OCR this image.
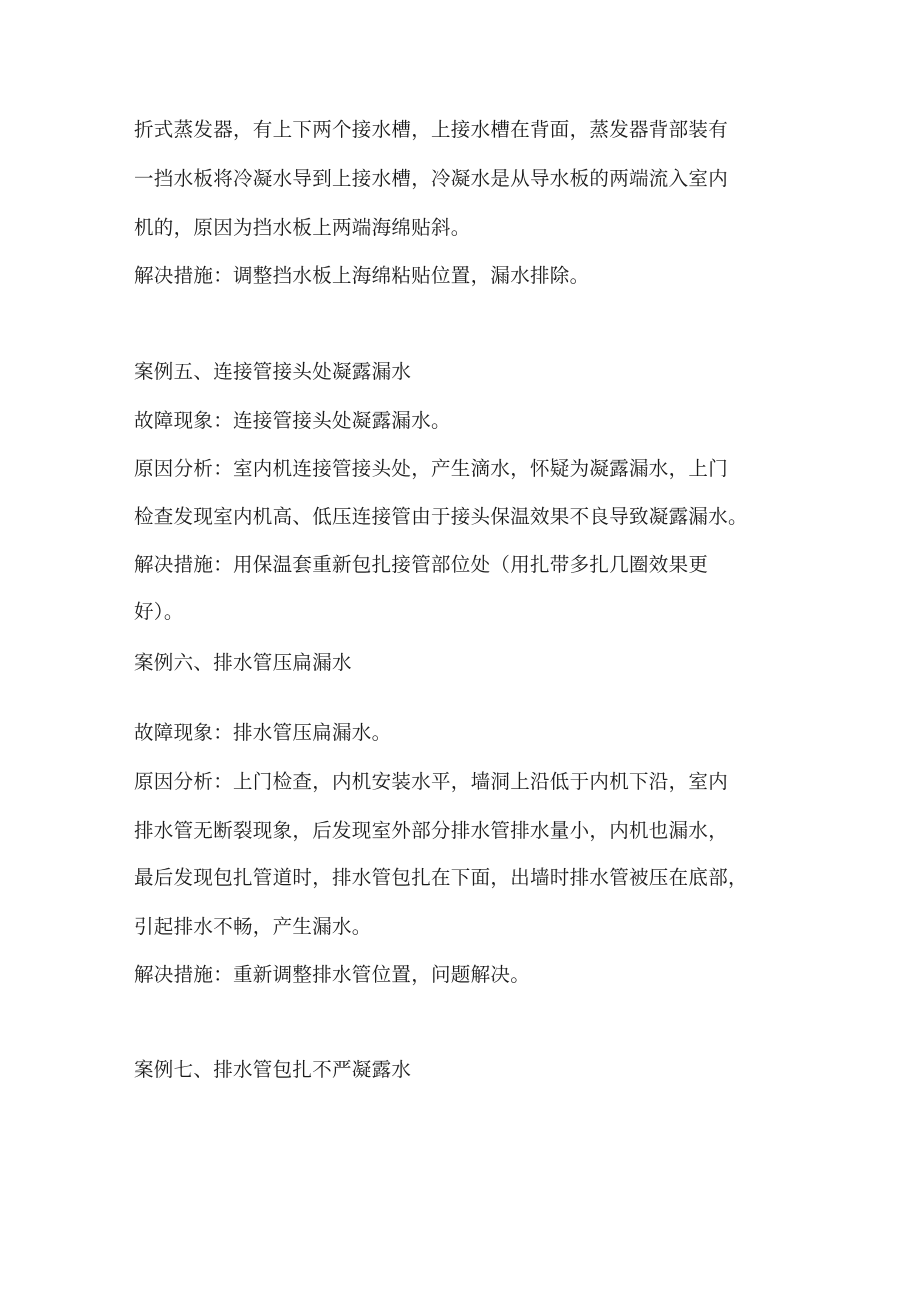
折式蒸发器，有上下两个接水槽，上接水槽在背面，蒸发器背部装有
一挡水板将冷凝水导到上接水槽，冷凝水是从导水板的两端流入室内
机的，原因为挡水板上两端海绵贴斜。
解决措施：调整挡水板上海绵粘贴位置，漏水排除。
案例五、连接管接头处凝露漏水
故障现象：连接管接头处凝露漏水。
原因分析：室内机连接管接头处，产生滴水，怀疑为凝露漏水，上门
检查发现室内机高、低压连接管由于接头保温效果不良导致凝露漏水。
解决措施：用保温套重新包扎接管部位处（用扎带多扎几圈效果更
好）。
案例六、排水管压扁漏水
故障现象：排水管压扁漏水。
原因分析：上门检查，内机安装水平，墙洞上沿低于内机下沿，室内
排水管无断裂现象，后发现室外部分排水管排水量小，内机也漏水，
最后发现包扎管道时，排水管包扎在下面，出墙时排水管被压在底部，
引起排水不畅，产生漏水。
解决措施：重新调整排水管位置，问题解决。
案例七、排水管包扎不严凝露水
